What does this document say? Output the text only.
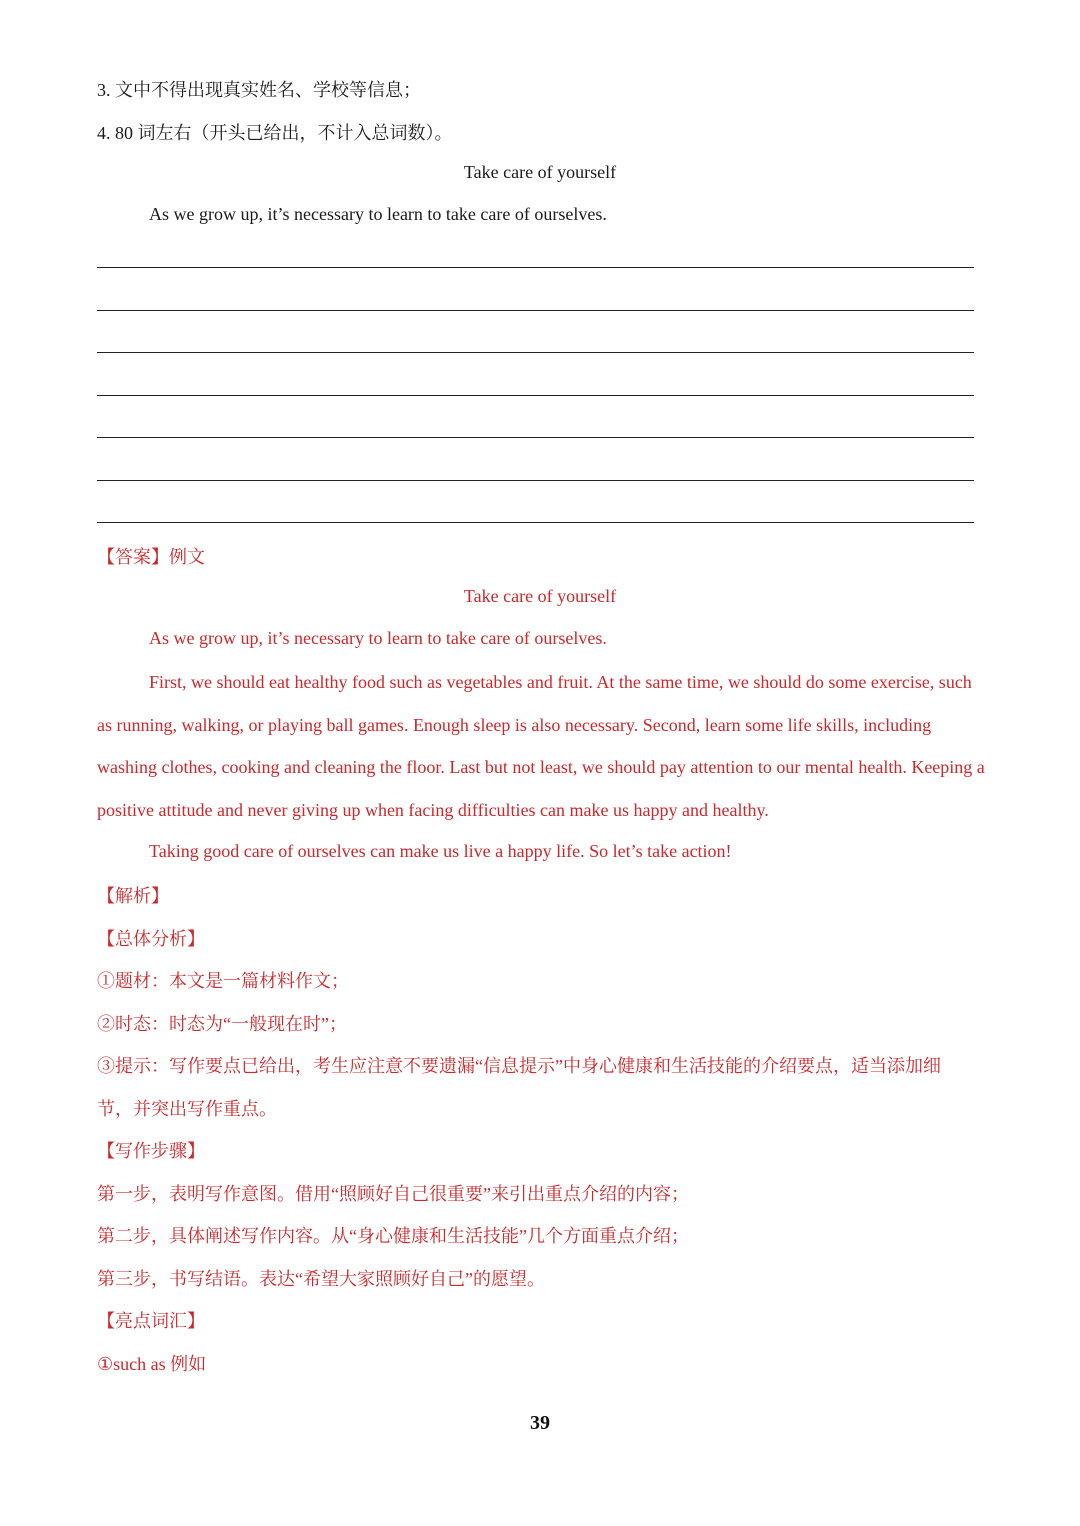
3. 文中不得出现真实姓名、学校等信息；
4. 80 词左右（开头已给出，不计入总词数）。
Take care of yourself
As we grow up, it’s necessary to learn to take care of ourselves.
【答案】例文
Take care of yourself
As we grow up, it’s necessary to learn to take care of ourselves.
First, we should eat healthy food such as vegetables and fruit. At the same time, we should do some exercise, such as running, walking, or playing ball games. Enough sleep is also necessary. Second, learn some life skills, including washing clothes, cooking and cleaning the floor. Last but not least, we should pay attention to our mental health. Keeping a positive attitude and never giving up when facing difficulties can make us happy and healthy.
Taking good care of ourselves can make us live a happy life. So let’s take action!
【解析】
【总体分析】
①题材：本文是一篇材料作文；
②时态：时态为“一般现在时”；
③提示：写作要点已给出，考生应注意不要遗漏“信息提示”中身心健康和生活技能的介绍要点，适当添加细
节，并突出写作重点。
【写作步骤】
第一步，表明写作意图。借用“照顾好自己很重要”来引出重点介绍的内容；
第二步，具体阐述写作内容。从“身心健康和生活技能”几个方面重点介绍；
第三步，书写结语。表达“希望大家照顾好自己”的愿望。
【亮点词汇】
①such as 例如
39
